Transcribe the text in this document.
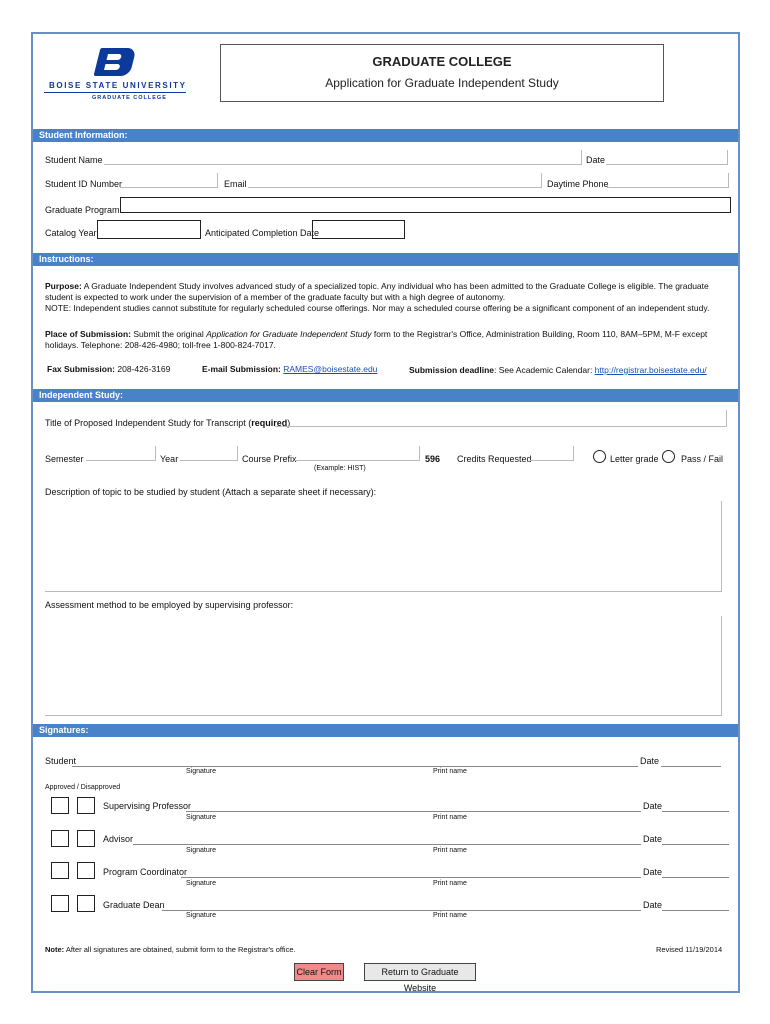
BOISE STATE UNIVERSITY
GRADUATE COLLEGE
GRADUATE COLLEGE
Application for Graduate Independent Study
Student Information:
Student Name	Date
Student ID Number	Email	Daytime Phone
Graduate Program
Catalog Year	Anticipated Completion Date
Instructions:
Purpose: A Graduate Independent Study involves advanced study of a specialized topic. Any individual who has been admitted to the Graduate College is eligible. The graduate student is expected to work under the supervision of a member of the graduate faculty but with a high degree of autonomy.
NOTE: Independent studies cannot substitute for regularly scheduled course offerings. Nor may a scheduled course offering be a significant component of an independent study.
Place of Submission: Submit the original Application for Graduate Independent Study form to the Registrar's Office, Administration Building, Room 110, 8AM–5PM, M-F except holidays. Telephone: 208-426-4980; toll-free 1-800-824-7017.
Fax Submission: 208-426-3169	E-mail Submission: RAMES@boisestate.edu	Submission deadline: See Academic Calendar: http://registrar.boisestate.edu/
Independent Study:
Title of Proposed Independent Study for Transcript (required)
Semester	Year	Course Prefix
(Example: HIST)
596 Credits Requested	Letter grade Pass / Fail
Description of topic to be studied by student (Attach a separate sheet if necessary):
Assessment method to be employed by supervising professor:
Signatures:
Student	Date
Signature	Print name
Approved / Disapproved
Supervising Professor	Date
Signature	Print name
Advisor	Date
Signature	Print name
Program Coordinator	Date
Signature	Print name
Graduate Dean	Date
Signature	Print name
Note: After all signatures are obtained, submit form to the Registrar's office.	Revised 11/19/2014
Clear Form	Return to Graduate Website
